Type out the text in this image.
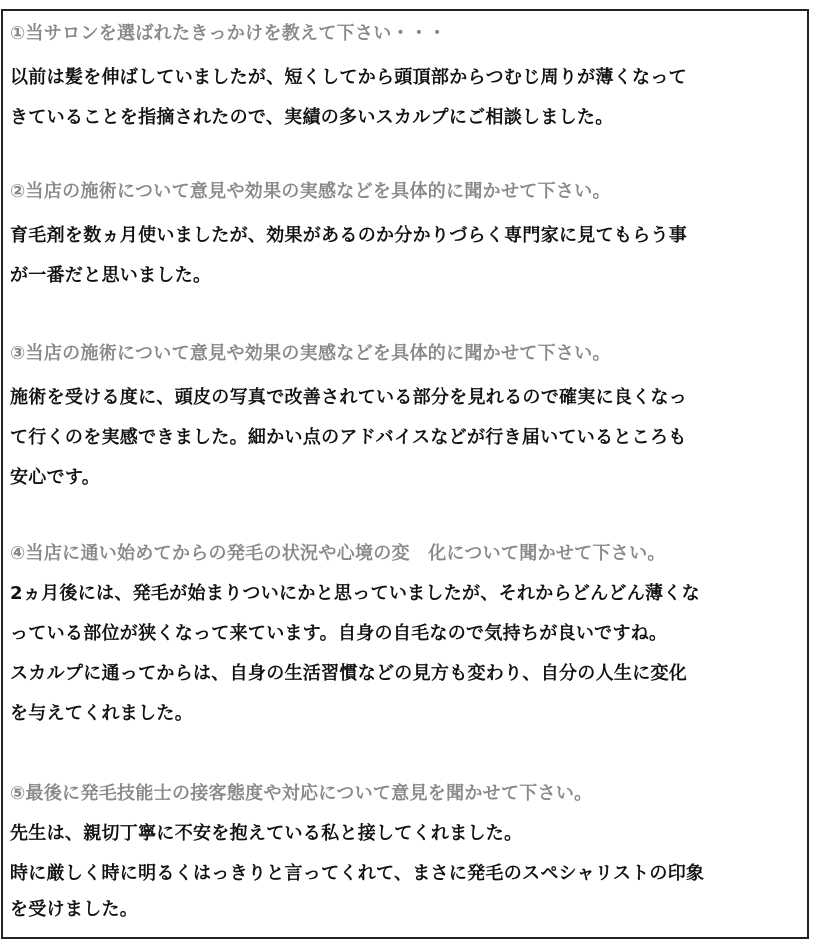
①当サロンを選ばれたきっかけを教えて下さい・・・
以前は髪を伸ばしていましたが、短くしてから頭頂部からつむじ周りが薄くなって
きていることを指摘されたので、実績の多いスカルプにご相談しました。
②当店の施術について意見や効果の実感などを具体的に聞かせて下さい。
育毛剤を数ヵ月使いましたが、効果があるのか分かりづらく専門家に見てもらう事
が一番だと思いました。
③当店の施術について意見や効果の実感などを具体的に聞かせて下さい。
施術を受ける度に、頭皮の写真で改善されている部分を見れるので確実に良くなっ
て行くのを実感できました。細かい点のアドバイスなどが行き届いているところも
安心です。
④当店に通い始めてからの発毛の状況や心境の変　化について聞かせて下さい。
2ヵ月後には、発毛が始まりついにかと思っていましたが、それからどんどん薄くな
っている部位が狭くなって来ています。自身の自毛なので気持ちが良いですね。
スカルプに通ってからは、自身の生活習慣などの見方も変わり、自分の人生に変化
を与えてくれました。
⑤最後に発毛技能士の接客態度や対応について意見を聞かせて下さい。
先生は、親切丁寧に不安を抱えている私と接してくれました。
時に厳しく時に明るくはっきりと言ってくれて、まさに発毛のスペシャリストの印象
を受けました。
